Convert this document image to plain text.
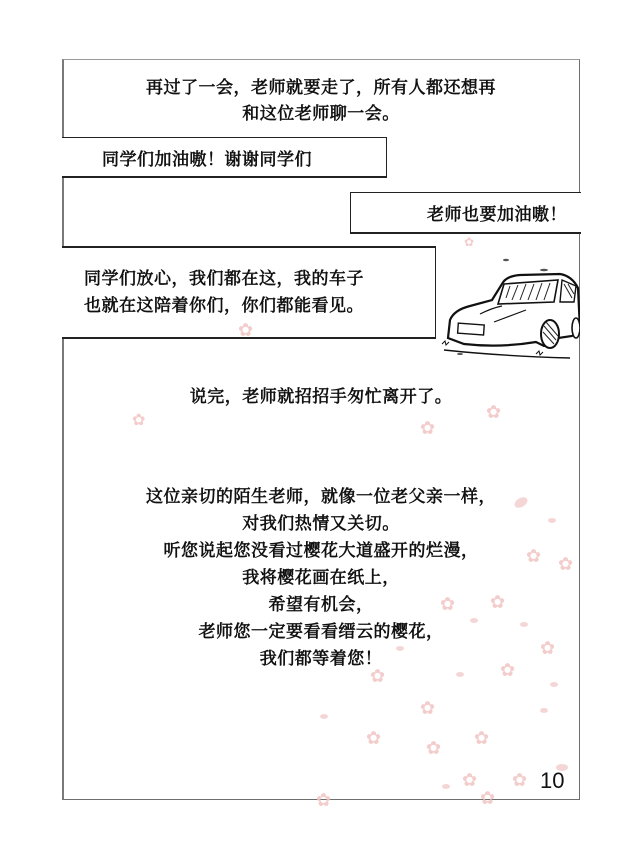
再过了一会，老师就要走了，所有人都还想再
和这位老师聊一会。
同学们加油嗷！谢谢同学们
老师也要加油嗷！
同学们放心，我们都在这，我的车子
也就在这陪着你们，你们都能看见。
说完，老师就招招手匆忙离开了。
这位亲切的陌生老师，就像一位老父亲一样，
对我们热情又关切。
听您说起您没看过樱花大道盛开的烂漫，
我将樱花画在纸上，
希望有机会，
老师您一定要看看缙云的樱花，
我们都等着您！
✿
✿
✿	✿
✿
✿ ✿
✿ ✿
✿
✿
✿
✿
✿	✿
✿
✿ ✿
✿
✿
10
